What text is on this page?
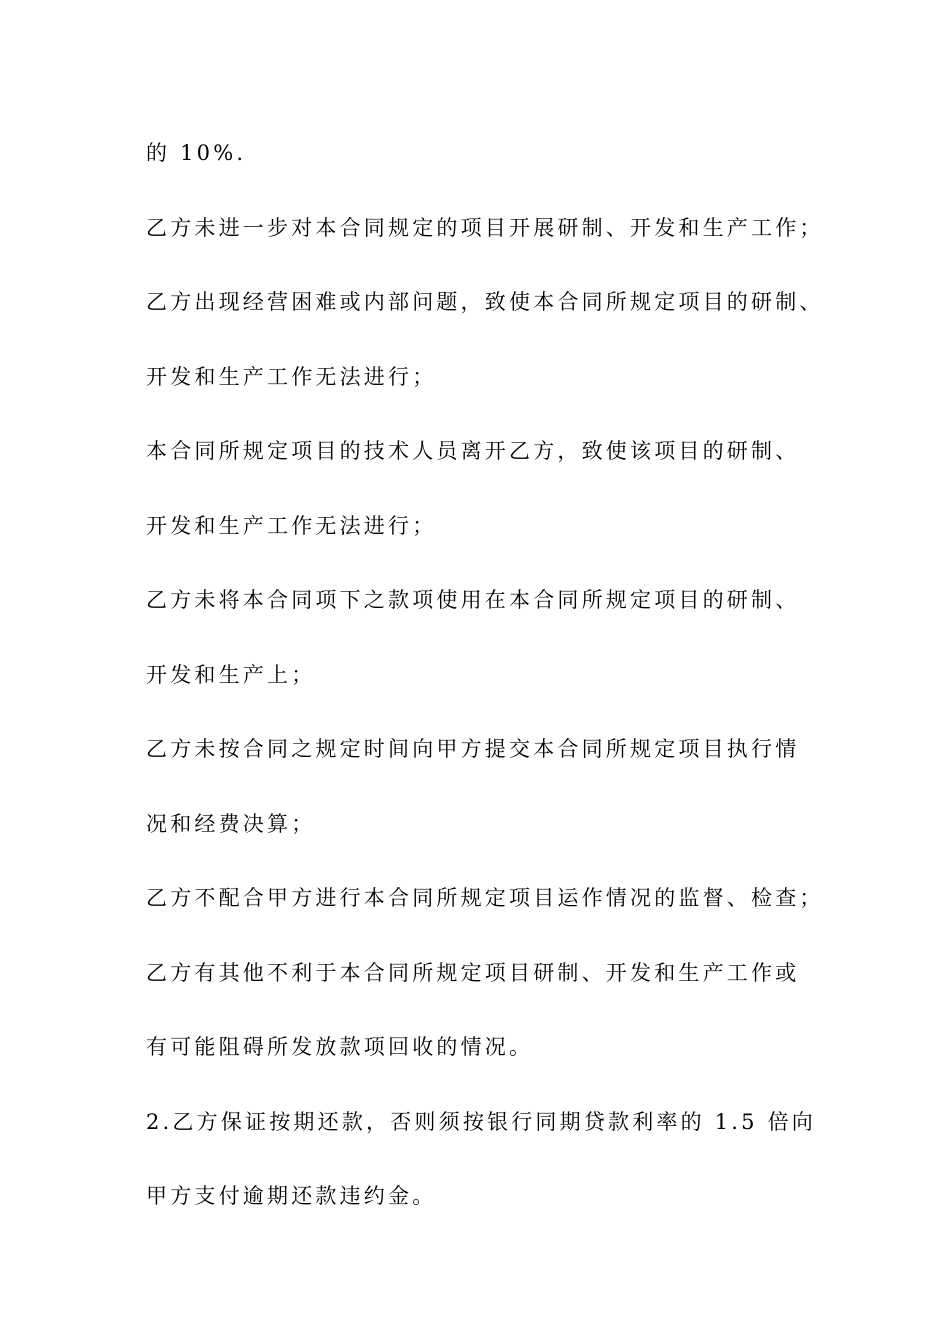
的 10%.
乙方未进一步对本合同规定的项目开展研制、开发和生产工作；
乙方出现经营困难或内部问题，致使本合同所规定项目的研制、
开发和生产工作无法进行；
本合同所规定项目的技术人员离开乙方，致使该项目的研制、
开发和生产工作无法进行；
乙方未将本合同项下之款项使用在本合同所规定项目的研制、
开发和生产上；
乙方未按合同之规定时间向甲方提交本合同所规定项目执行情
况和经费决算；
乙方不配合甲方进行本合同所规定项目运作情况的监督、检查；
乙方有其他不利于本合同所规定项目研制、开发和生产工作或
有可能阻碍所发放款项回收的情况。
2.乙方保证按期还款，否则须按银行同期贷款利率的 1.5 倍向
甲方支付逾期还款违约金。
